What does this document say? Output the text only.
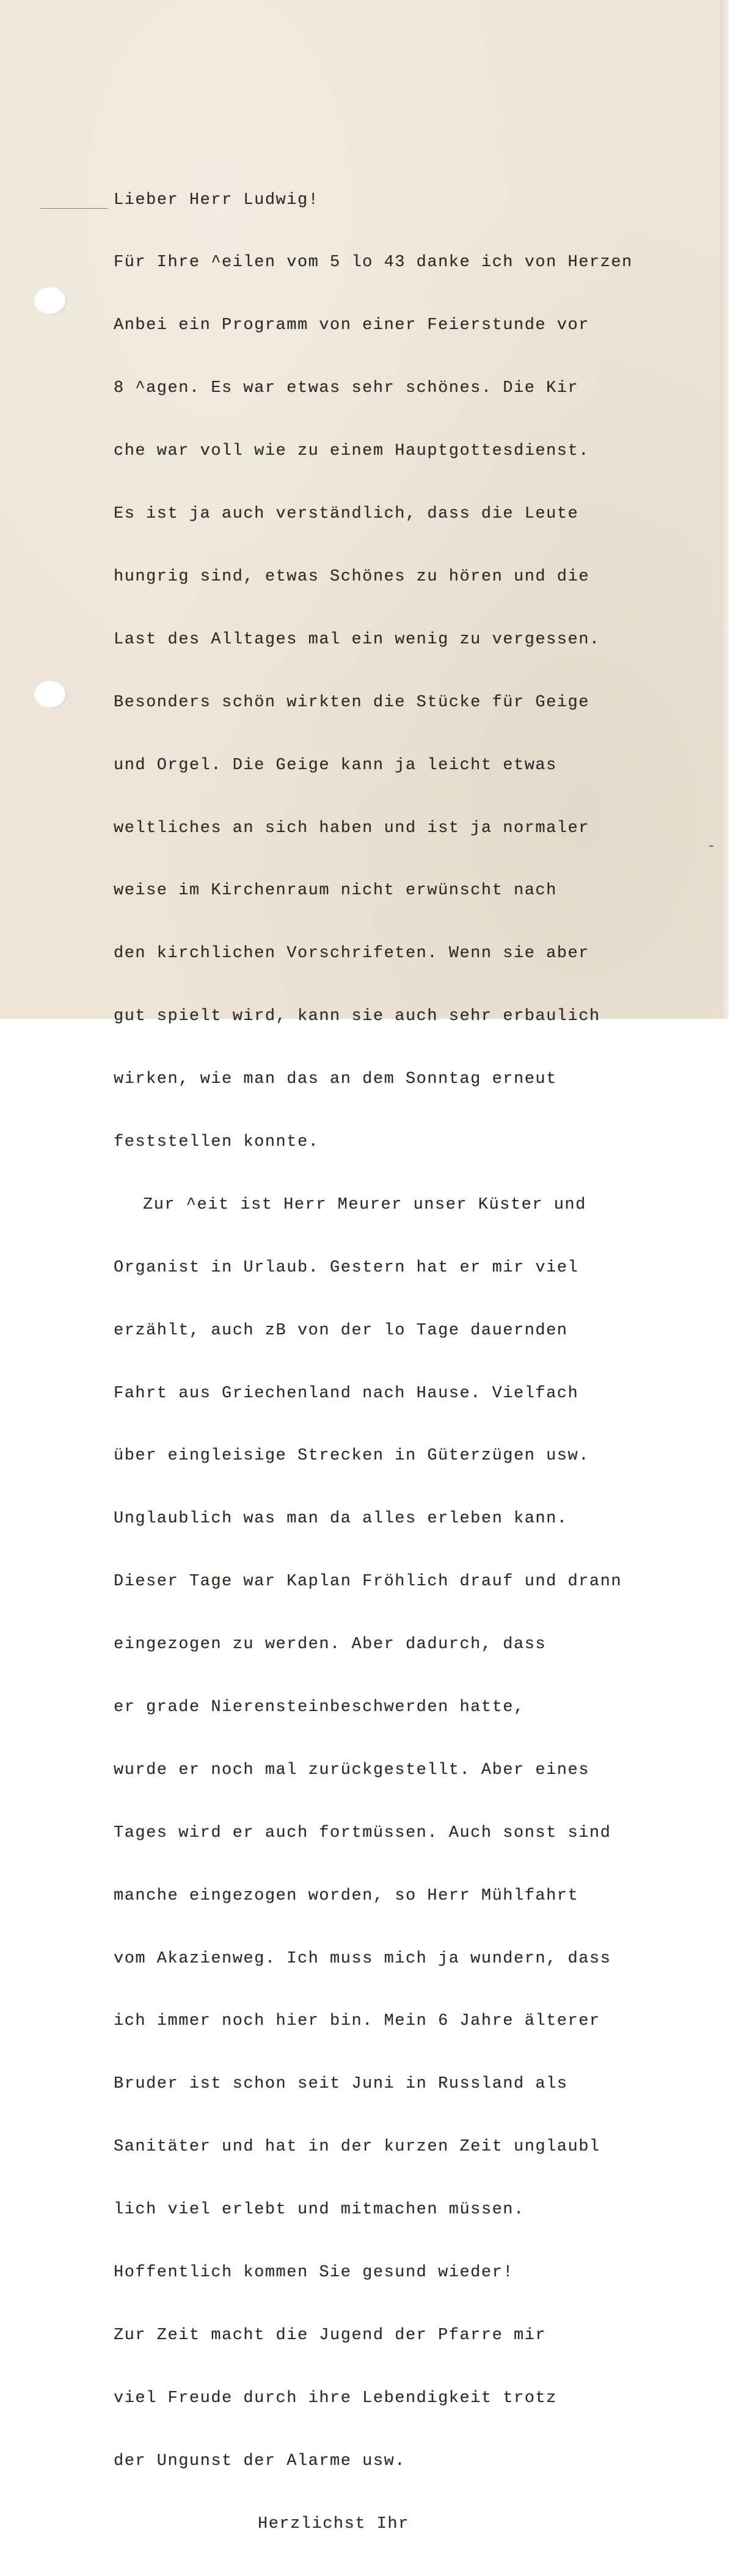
Lieber Herr Ludwig!

Für Ihre ^eilen vom 5 lo 43 danke ich von Herzen

Anbei ein Programm von einer Feierstunde vor

8 ^agen. Es war etwas sehr schönes. Die Kir

che war voll wie zu einem Hauptgottesdienst.

Es ist ja auch verständlich, dass die Leute

hungrig sind, etwas Schönes zu hören und die

Last des Alltages mal ein wenig zu vergessen.

Besonders schön wirkten die Stücke für Geige

und Orgel. Die Geige kann ja leicht etwas

weltliches an sich haben und ist ja normaler

weise im Kirchenraum nicht erwünscht nach

den kirchlichen Vorschrifeten. Wenn sie aber

gut spielt wird, kann sie auch sehr erbaulich

wirken, wie man das an dem Sonntag erneut

feststellen konnte.

Zur ^eit ist Herr Meurer unser Küster und

Organist in Urlaub. Gestern hat er mir viel

erzählt, auch zB von der lo Tage dauernden

Fahrt aus Griechenland nach Hause. Vielfach

über eingleisige Strecken in Güterzügen usw.

Unglaublich was man da alles erleben kann.

Dieser Tage war Kaplan Fröhlich drauf und drann

eingezogen zu werden. Aber dadurch, dass

er grade Nierensteinbeschwerden hatte,

wurde er noch mal zurückgestellt. Aber eines

Tages wird er auch fortmüssen. Auch sonst sind

manche eingezogen worden, so Herr Mühlfahrt

vom Akazienweg. Ich muss mich ja wundern, dass

ich immer noch hier bin. Mein 6 Jahre älterer

Bruder ist schon seit Juni in Russland als

Sanitäter und hat in der kurzen Zeit unglaubl

lich viel erlebt und mitmachen müssen.

Hoffentlich kommen Sie gesund wieder!

Zur Zeit macht die Jugend der Pfarre mir

viel Freude durch ihre Lebendigkeit trotz

der Ungunst der Alarme usw.

Herzlichst Ihr
